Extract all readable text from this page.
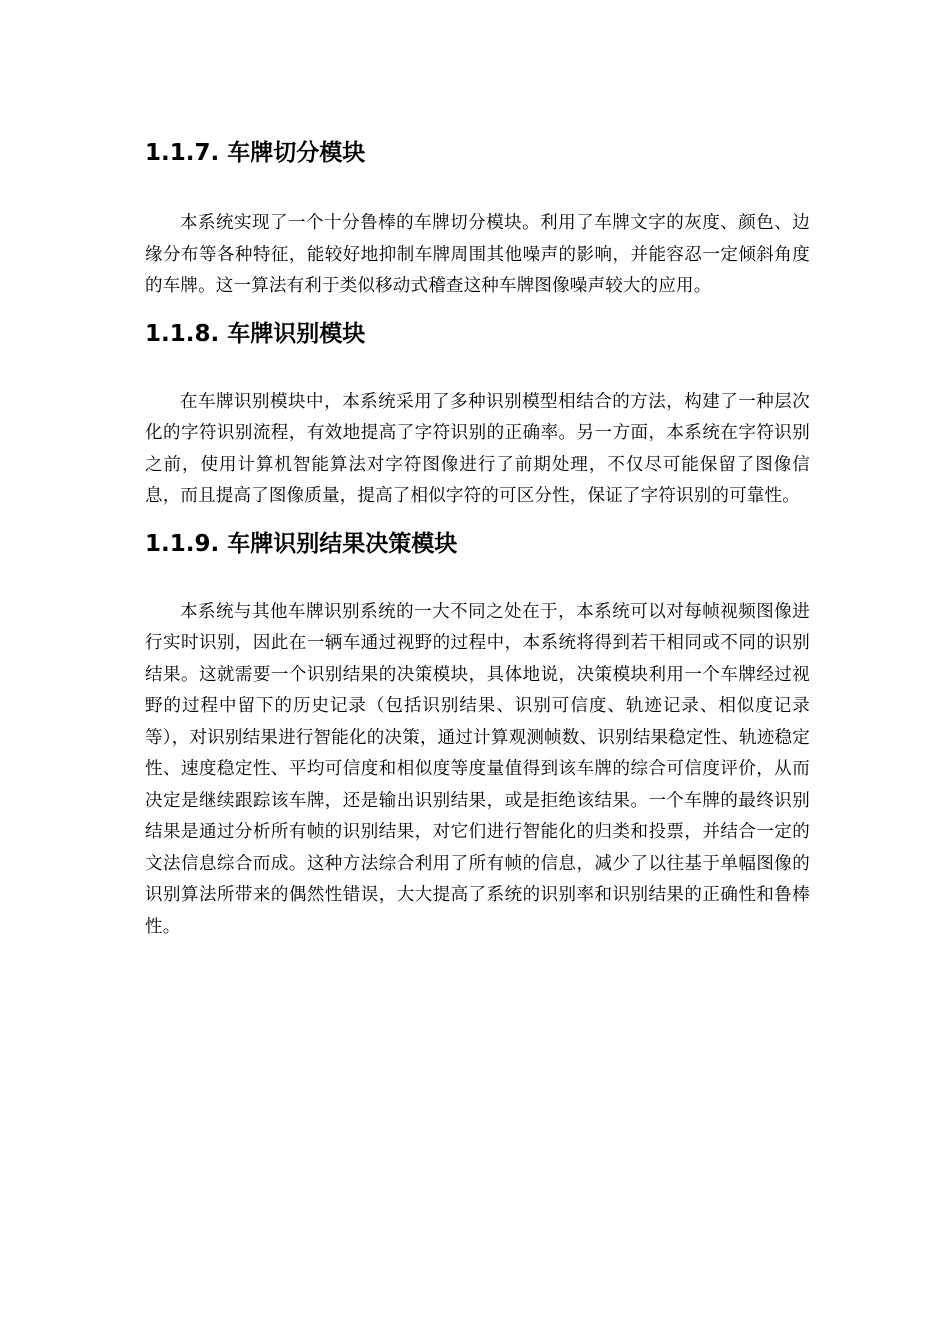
1.1.7. 车牌切分模块

本系统实现了一个十分鲁棒的车牌切分模块。利用了车牌文字的灰度、颜色、边缘分布等各种特征，能较好地抑制车牌周围其他噪声的影响，并能容忍一定倾斜角度的车牌。这一算法有利于类似移动式稽查这种车牌图像噪声较大的应用。

1.1.8. 车牌识别模块

在车牌识别模块中，本系统采用了多种识别模型相结合的方法，构建了一种层次化的字符识别流程，有效地提高了字符识别的正确率。另一方面，本系统在字符识别之前，使用计算机智能算法对字符图像进行了前期处理，不仅尽可能保留了图像信息，而且提高了图像质量，提高了相似字符的可区分性，保证了字符识别的可靠性。

1.1.9. 车牌识别结果决策模块

本系统与其他车牌识别系统的一大不同之处在于，本系统可以对每帧视频图像进行实时识别，因此在一辆车通过视野的过程中，本系统将得到若干相同或不同的识别结果。这就需要一个识别结果的决策模块，具体地说，决策模块利用一个车牌经过视野的过程中留下的历史记录（包括识别结果、识别可信度、轨迹记录、相似度记录等），对识别结果进行智能化的决策，通过计算观测帧数、识别结果稳定性、轨迹稳定性、速度稳定性、平均可信度和相似度等度量值得到该车牌的综合可信度评价，从而决定是继续跟踪该车牌，还是输出识别结果，或是拒绝该结果。一个车牌的最终识别结果是通过分析所有帧的识别结果，对它们进行智能化的归类和投票，并结合一定的文法信息综合而成。这种方法综合利用了所有帧的信息，减少了以往基于单幅图像的识别算法所带来的偶然性错误，大大提高了系统的识别率和识别结果的正确性和鲁棒性。
